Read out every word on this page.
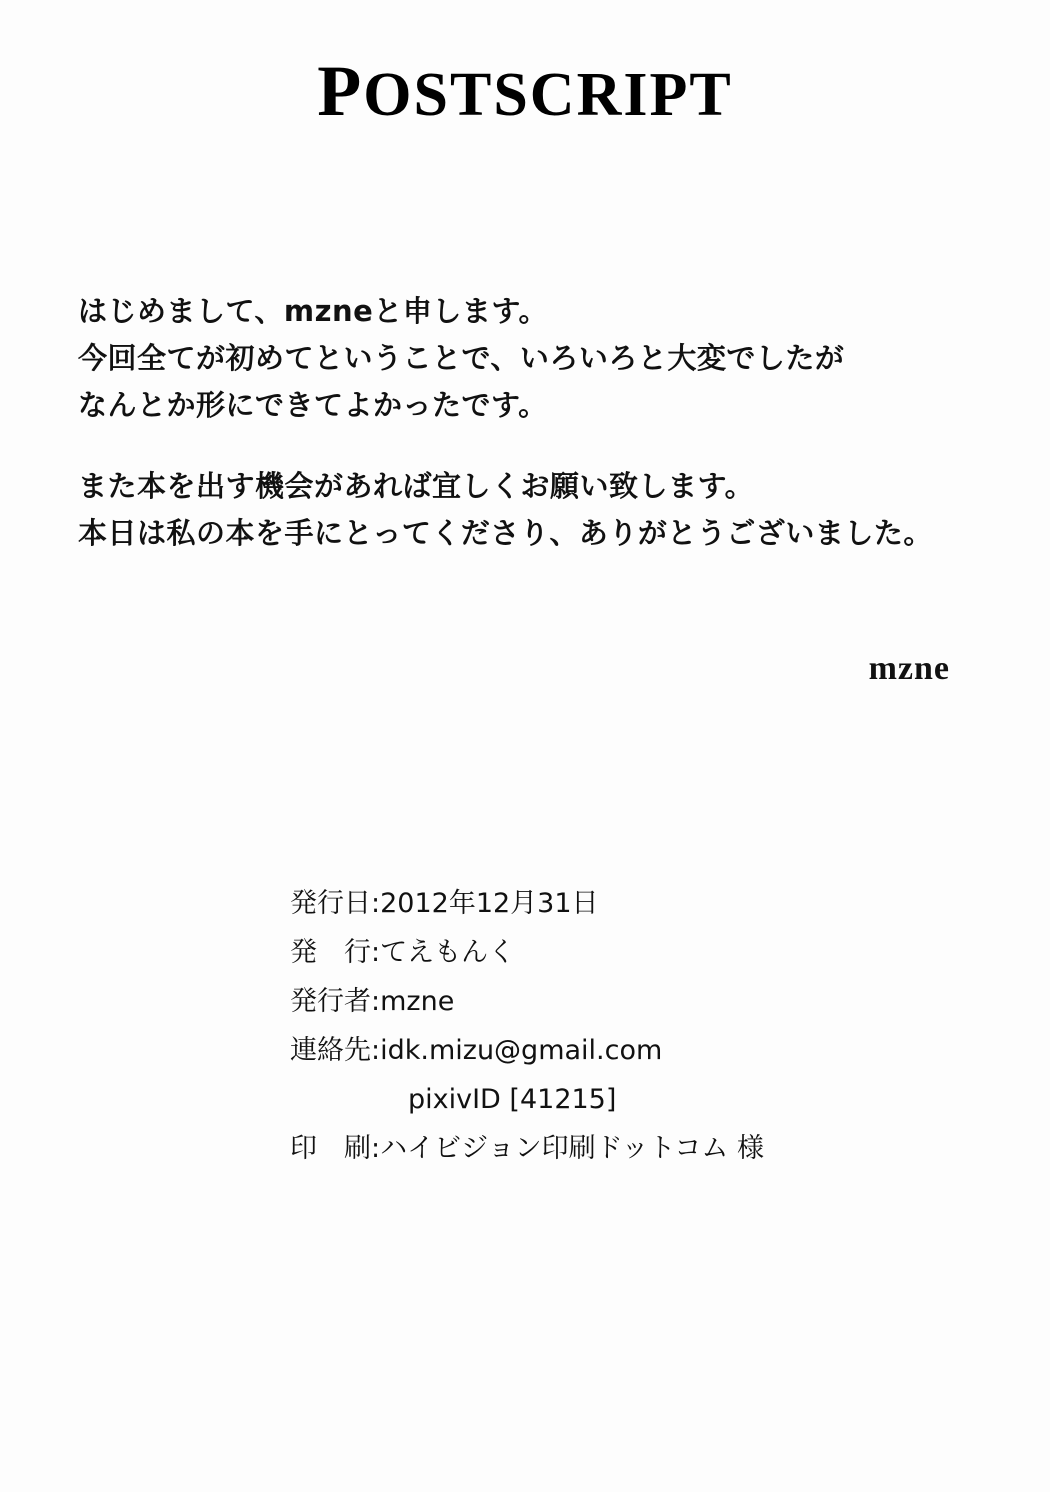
POSTSCRIPT

はじめまして、mzneと申します。
今回全てが初めてということで、いろいろと大変でしたが
なんとか形にできてよかったです。

また本を出す機会があれば宜しくお願い致します。
本日は私の本を手にとってくださり、ありがとうございました。

mzne
発行日:2012年12月31日
発　行:てえもんく
発行者:mzne
連絡先:idk.mizu@gmail.com
pixivID [41215]
印　刷:ハイビジョン印刷ドットコム 様
